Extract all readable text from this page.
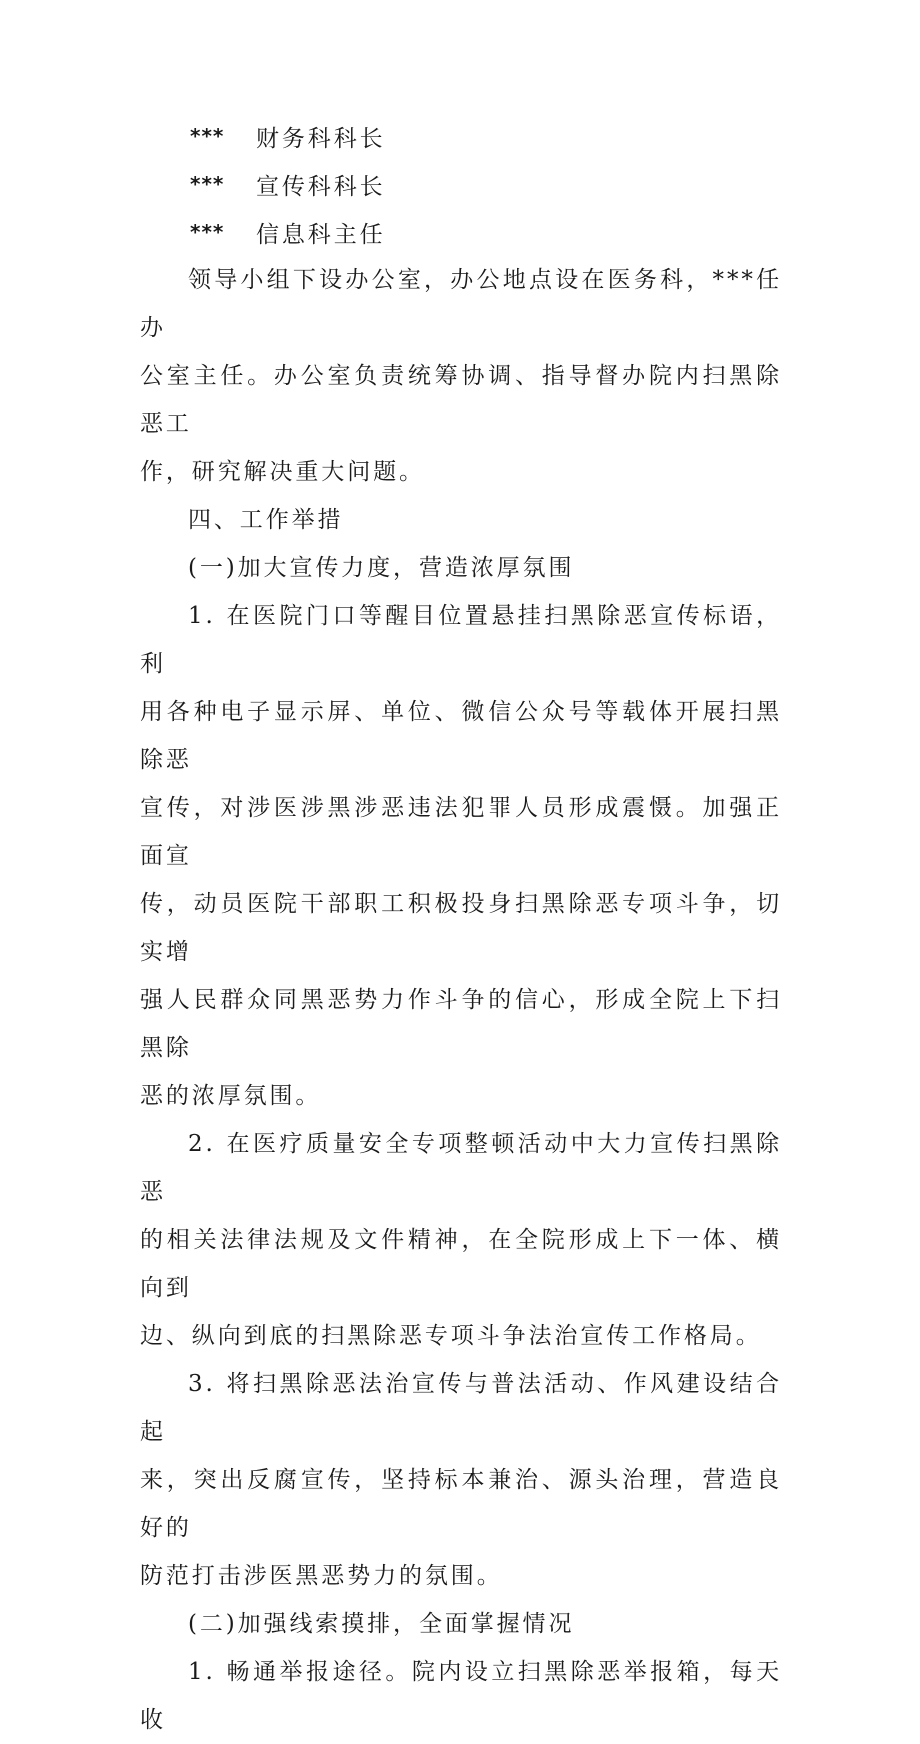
***	财务科科长
***	宣传科科长
***	信息科主任

领导小组下设办公室，办公地点设在医务科，***任办
公室主任。办公室负责统筹协调、指导督办院内扫黑除恶工
作，研究解决重大问题。

四、工作举措

(一)加大宣传力度，营造浓厚氛围

1. 在医院门口等醒目位置悬挂扫黑除恶宣传标语，利
用各种电子显示屏、单位、微信公众号等载体开展扫黑除恶
宣传，对涉医涉黑涉恶违法犯罪人员形成震慑。加强正面宣
传，动员医院干部职工积极投身扫黑除恶专项斗争，切实增
强人民群众同黑恶势力作斗争的信心，形成全院上下扫黑除
恶的浓厚氛围。

2. 在医疗质量安全专项整顿活动中大力宣传扫黑除恶
的相关法律法规及文件精神，在全院形成上下一体、横向到
边、纵向到底的扫黑除恶专项斗争法治宣传工作格局。

3. 将扫黑除恶法治宣传与普法活动、作风建设结合起
来，突出反腐宣传，坚持标本兼治、源头治理，营造良好的
防范打击涉医黑恶势力的氛围。

(二)加强线索摸排，全面掌握情况

1. 畅通举报途径。院内设立扫黑除恶举报箱，每天收
